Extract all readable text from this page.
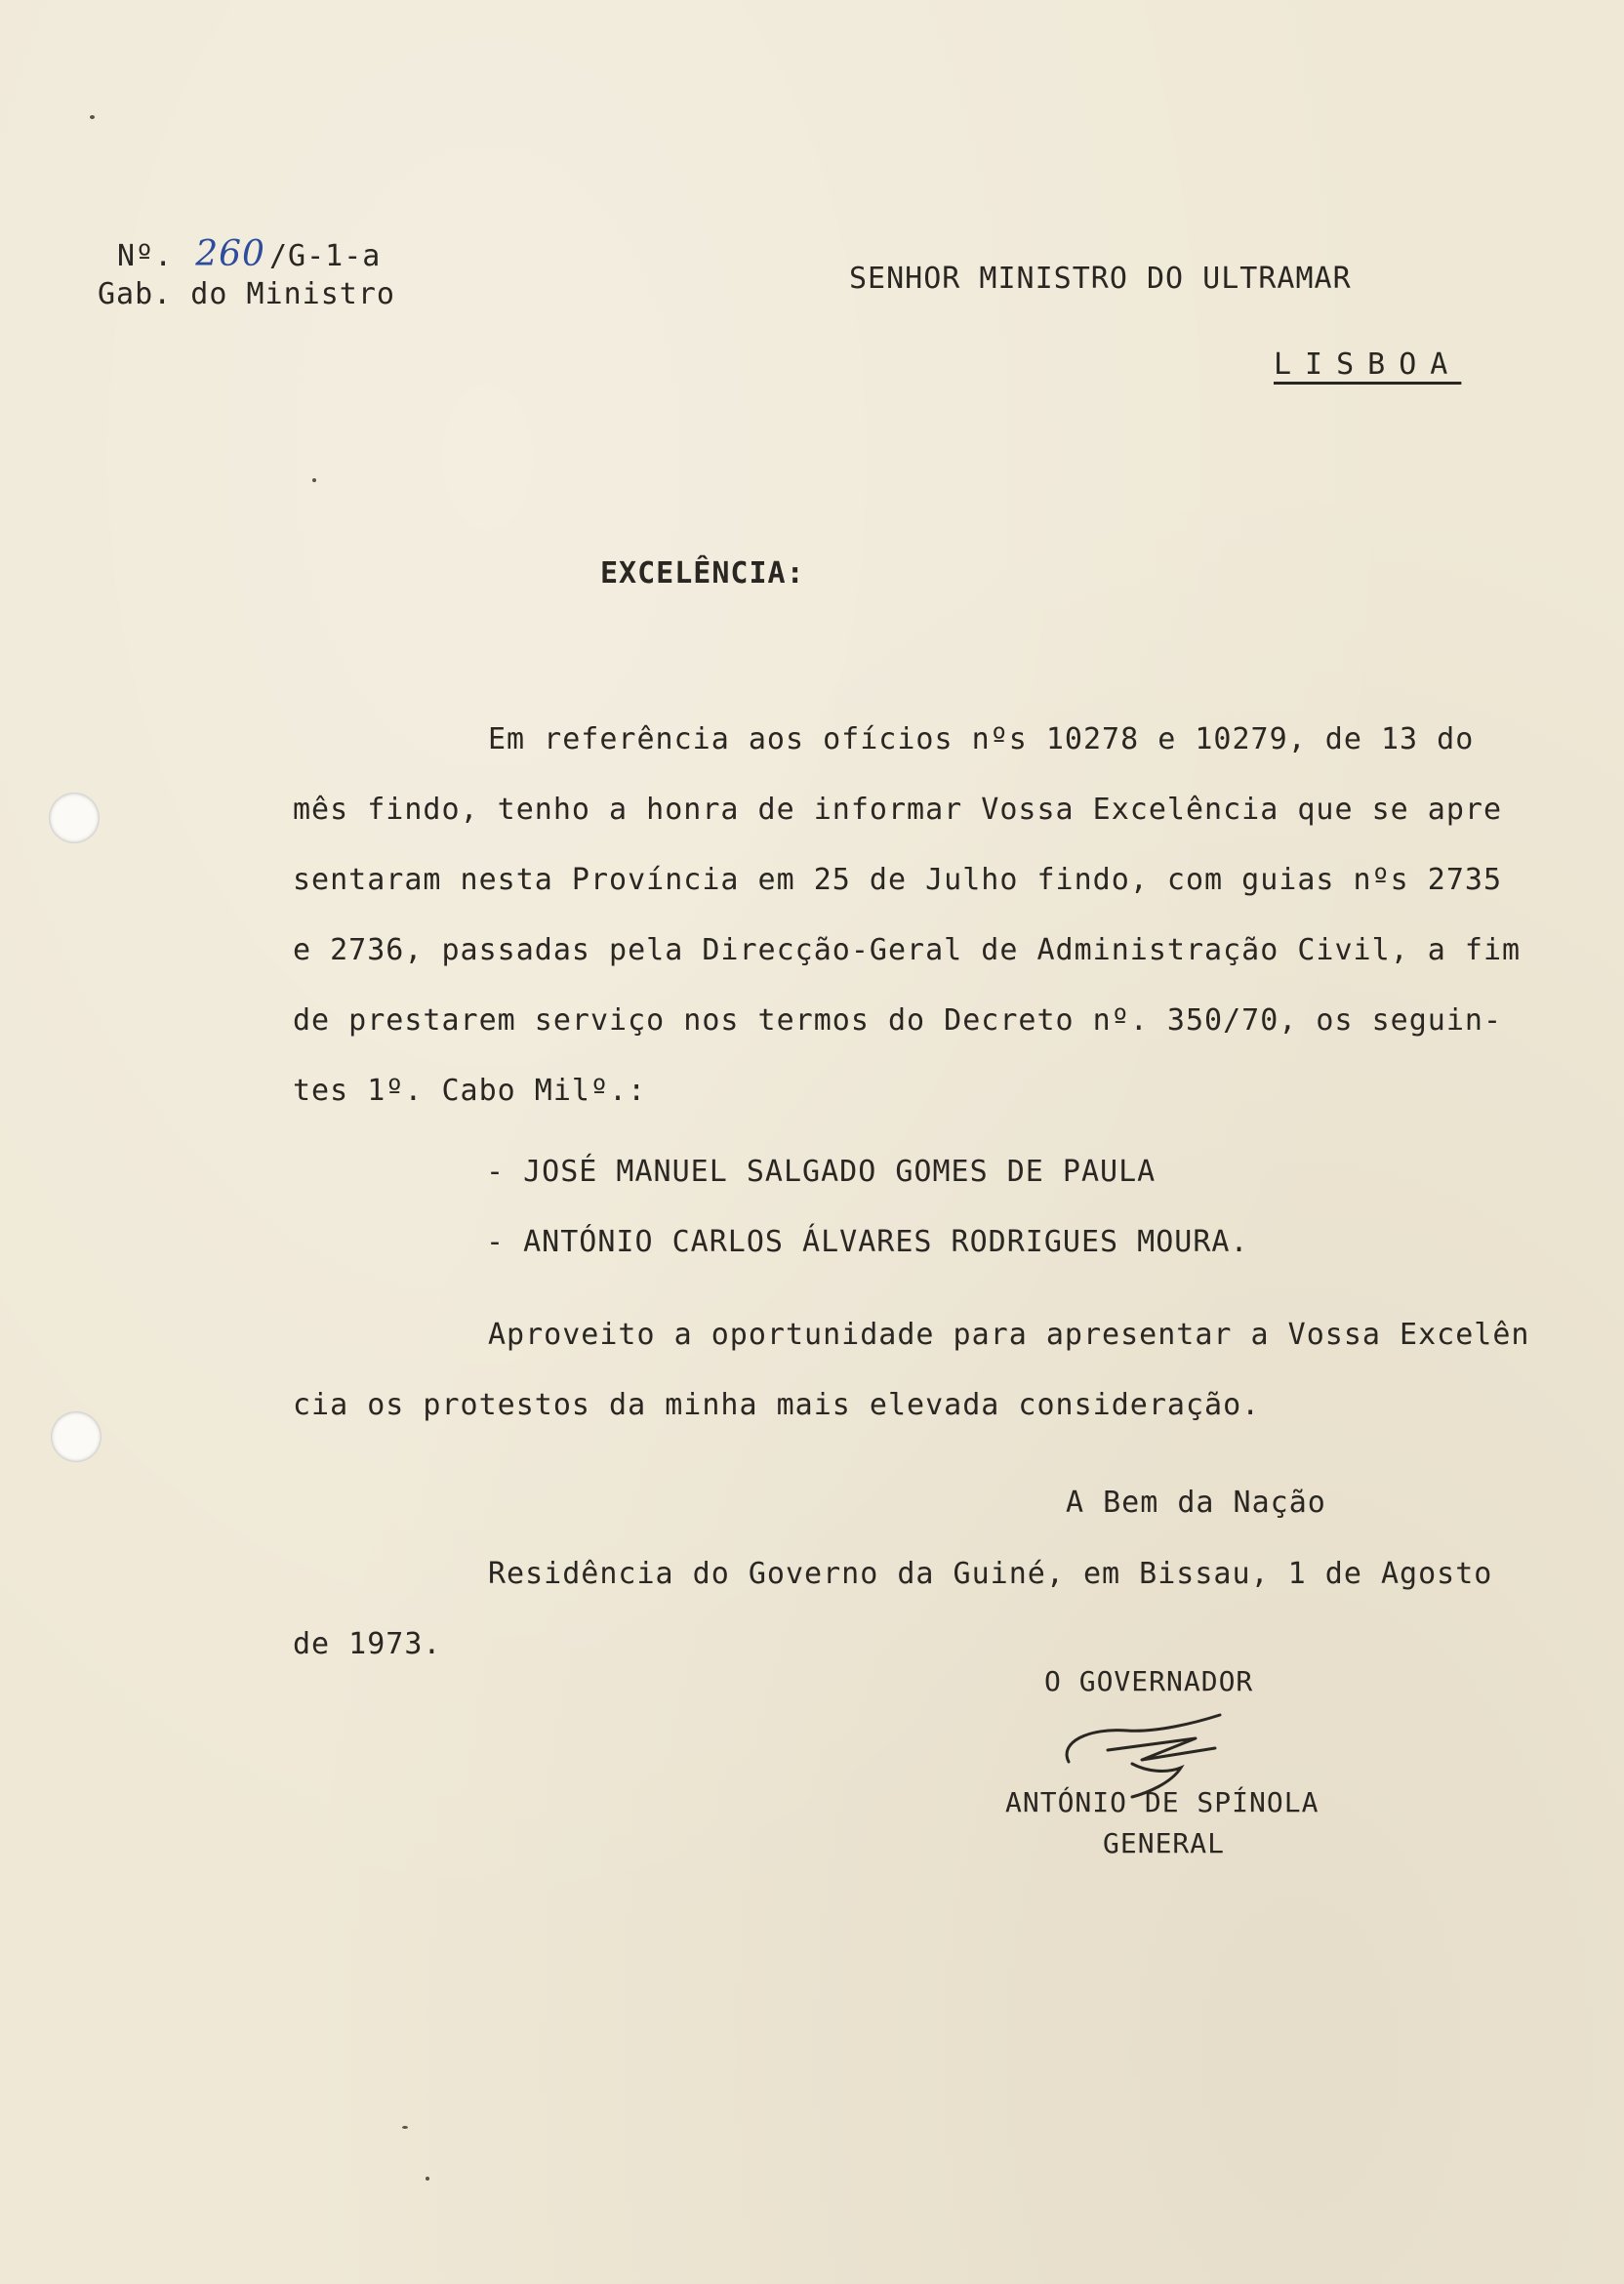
Nº. 260 /G-1-a
Gab. do Ministro	SENHOR MINISTRO DO ULTRAMAR
LISBOA
EXCELÊNCIA:
Em referência aos ofícios nºs 10278 e 10279, de 13 do
mês findo, tenho a honra de informar Vossa Excelência que se apre
sentaram nesta Província em 25 de Julho findo, com guias nºs 2735
e 2736, passadas pela Direcção-Geral de Administração Civil, a fim
de prestarem serviço nos termos do Decreto nº. 350/70, os seguin-
tes 1º. Cabo Milº.:
- JOSÉ MANUEL SALGADO GOMES DE PAULA
- ANTÓNIO CARLOS ÁLVARES RODRIGUES MOURA.
Aproveito a oportunidade para apresentar a Vossa Excelên
cia os protestos da minha mais elevada consideração.
A Bem da Nação
Residência do Governo da Guiné, em Bissau, 1 de Agosto
de 1973.
O GOVERNADOR
ANTÓNIO DE SPÍNOLA
GENERAL
